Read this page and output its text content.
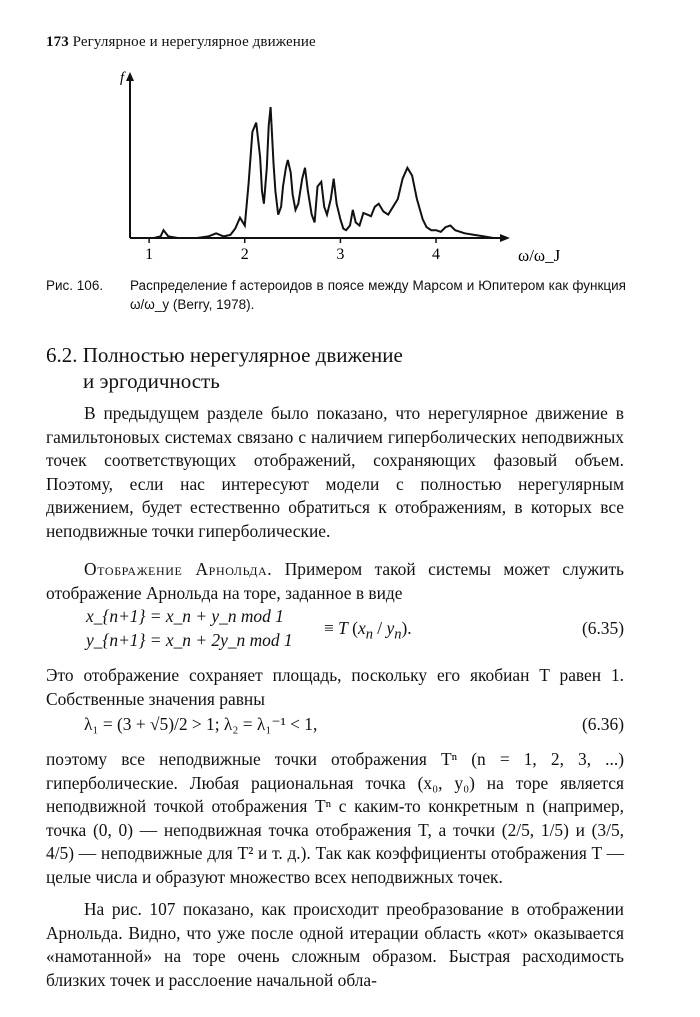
173 Регулярное и нерегулярное движение
f
1	2	3	4	ω/ω_J
Рис. 106.	Распределение f астероидов в поясе между Марсом и Юпитером как функция ω/ω_y (Berry, 1978).
6.2. Полностью нерегулярное движение
и эргодичность
В предыдущем разделе было показано, что нерегулярное движение в гамильтоновых системах связано с наличием гиперболических неподвижных точек соответствующих отображений, сохраняющих фазовый объем. Поэтому, если нас интересуют модели с полностью нерегулярным движением, будет естественно обратиться к отображениям, в которых все неподвижные точки гиперболические.
Отображение Арнольда. Примером такой системы может служить отображение Арнольда на торе, заданное в виде
x_{n+1} = x_n + y_n mod 1
y_{n+1} = x_n + 2y_n mod 1
≡ T $(x_n / y_n)$.	(6.35)
Это отображение сохраняет площадь, поскольку его якобиан T равен 1. Собственные значения равны
λ₁ = (3 + √5)/2 > 1; λ₂ = λ₁⁻¹ < 1,	(6.36)
поэтому все неподвижные точки отображения Tⁿ (n = 1, 2, 3, ...) гиперболические. Любая рациональная точка (x₀, y₀) на торе является неподвижной точкой отображения Tⁿ с каким-то конкретным n (например, точка (0, 0) — неподвижная точка отображения T, а точки (2/5, 1/5) и (3/5, 4/5) — неподвижные для T² и т. д.). Так как коэффициенты отображения T — целые числа и образуют множество всех неподвижных точек.
На рис. 107 показано, как происходит преобразование в отображении Арнольда. Видно, что уже после одной итерации область «кот» оказывается «намотанной» на торе очень сложным образом. Быстрая расходимость близких точек и расслоение начальной обла-
